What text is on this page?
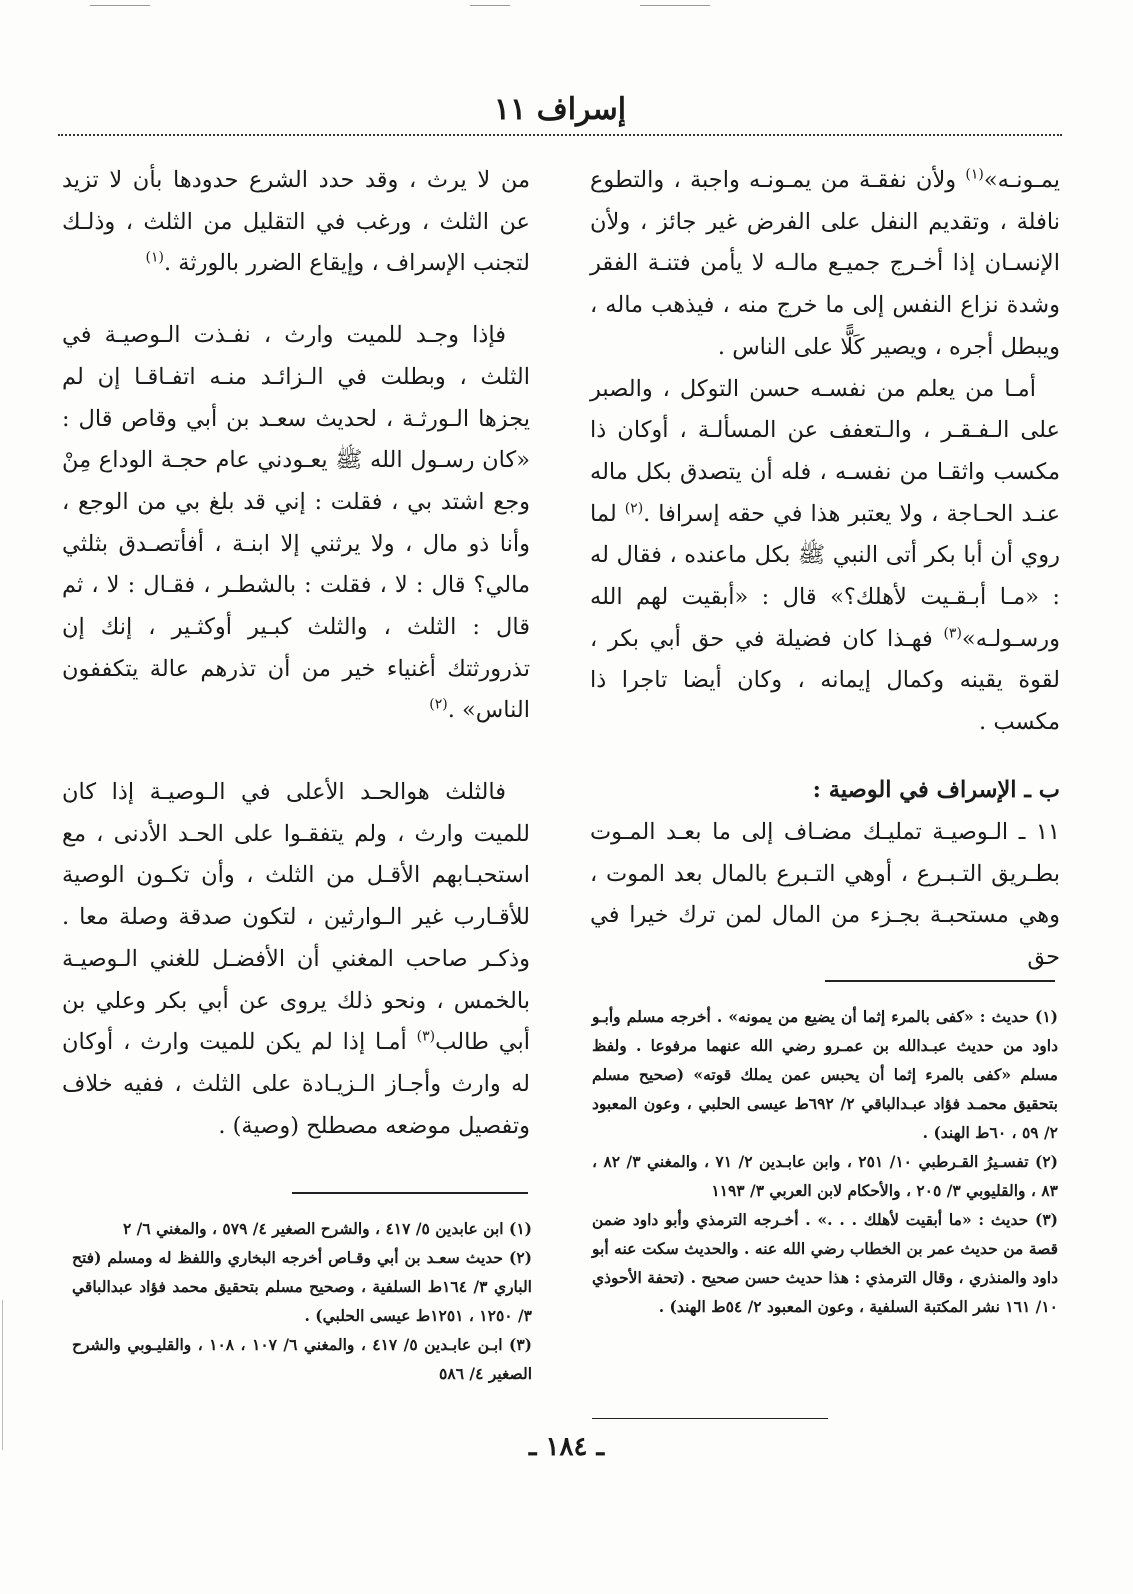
إسراف ١١

يمـونـه»$^{(١)}$ ولأن نفقـة من يمـونـه واجبة ، والتطوع نافلة ، وتقديم النفل على الفرض غير جائز ، ولأن الإنسـان إذا أخـرج جميـع مالـه لا يأمن فتنـة الفقر وشدة نزاع النفس إلى ما خرج منه ، فيذهب ماله ، ويبطل أجره ، ويصير كَلًّا على الناس .

أمـا من يعلم من نفسـه حسن التوكل ، والصبر على الـفـقـر ، والـتعفف عن المسألـة ، أوكان ذا مكسب واثقـا من نفسـه ، فله أن يتصدق بكل ماله عنـد الحـاجة ، ولا يعتبر هذا في حقه إسرافا .$^{(٢)}$ لما روي أن أبا بكر أتى النبي ﷺ بكل ماعنده ، فقال له : «مـا أبـقـيت لأهلك؟» قال : «أبقيت لهم الله ورسـولـه»$^{(٣)}$ فهـذا كان فضيلة في حق أبي بكر ، لقوة يقينه وكمال إيمانه ، وكان أيضا تاجرا ذا مكسب .

ب ـ الإسراف في الوصية :

١١ ـ الـوصيـة تمليـك مضـاف إلى ما بعـد المـوت بطـريق التـبـرع ، أوهي التـبرع بالمال بعد الموت ، وهي مستحبـة بجـزء من المال لمن ترك خيرا في حق

من لا يرث ، وقد حدد الشرع حدودها بأن لا تزيد عن الثلث ، ورغب في التقليل من الثلث ، وذلـك لتجنب الإسراف ، وإيقاع الضرر بالورثة .$^{(١)}$

فإذا وجـد للميت وارث ، نفـذت الـوصيـة في الثلث ، وبطلت في الـزائـد منـه اتفـاقـا إن لم يجزها الـورثـة ، لحديث سعـد بن أبي وقاص قال : «كان رسـول الله ﷺ يعـودني عام حجـة الوداع مِنْ وجع اشتد بي ، فقلت : إني قد بلغ بي من الوجع ، وأنا ذو مال ، ولا يرثني إلا ابنـة ، أفأتصـدق بثلثي مالي؟ قال : لا ، فقلت : بالشطـر ، فقـال : لا ، ثم قال : الثلث ، والثلث كبـير أوكثـير ، إنك إن تذرورثتك أغنياء خير من أن تذرهم عالة يتكففون الناس» .$^{(٢)}$

فالثلث هوالحـد الأعلى في الـوصيـة إذا كان للميت وارث ، ولم يتفقـوا على الحـد الأدنى ، مع استحبـابهم الأقـل من الثلث ، وأن تكـون الوصية للأقـارب غير الـوارثين ، لتكون صدقة وصلة معا . وذكـر صاحب المغني أن الأفضـل للغني الـوصيـة بالخمس ، ونحو ذلك يروى عن أبي بكر وعلي بن أبي طالب$^{(٣)}$ أمـا إذا لم يكن للميت وارث ، أوكان له وارث وأجـاز الـزيـادة على الثلث ، ففيه خلاف وتفصيل موضعه مصطلح (وصية) .

(١) حديث : «كفى بالمرء إثما أن يضيع من يمونه» . أخرجه مسلم وأبـو داود من حديث عبـدالله بن عمـرو رضي الله عنهما مرفوعا . ولفظ مسلم «كفى بالمرء إثما أن يحبس عمن يملك قوته» (صحيح مسلم بتحقيق محمـد فؤاد عبـدالباقي ٢/ ٦٩٢ط عيسى الحلبي ، وعون المعبود ٢/ ٥٩ ، ٦٠ط الهند) .

(٢) تفسـيرُ القـرطبي ١٠/ ٢٥١ ، وابن عابـدين ٢/ ٧١ ، والمغني ٣/ ٨٢ ، ٨٣ ، والقليوبي ٣/ ٢٠٥ ، والأحكام لابن العربي ٣/ ١١٩٣

(٣) حديث : «ما أبقيت لأهلك . . .» . أخـرجه الترمذي وأبو داود ضمن قصة من حديث عمر بن الخطاب رضي الله عنه . والحديث سكت عنه أبو داود والمنذري ، وقال الترمذي : هذا حديث حسن صحيح . (تحفة الأحوذي ١٠/ ١٦١ نشر المكتبة السلفية ، وعون المعبود ٢/ ٥٤ط الهند) .

(١) ابن عابدين ٥/ ٤١٧ ، والشرح الصغير ٤/ ٥٧٩ ، والمغني ٦/ ٢

(٢) حديث سعـد بن أبي وقـاص أخرجه البخاري واللفظ له ومسلم (فتح الباري ٣/ ١٦٤ط السلفية ، وصحيح مسلم بتحقيق محمد فؤاد عبدالباقي ٣/ ١٢٥٠ ، ١٢٥١ط عيسى الحلبي) .

(٣) ابـن عابـدين ٥/ ٤١٧ ، والمغني ٦/ ١٠٧ ، ١٠٨ ، والقليـوبي والشرح الصغير ٤/ ٥٨٦

ـ ١٨٤ ـ
